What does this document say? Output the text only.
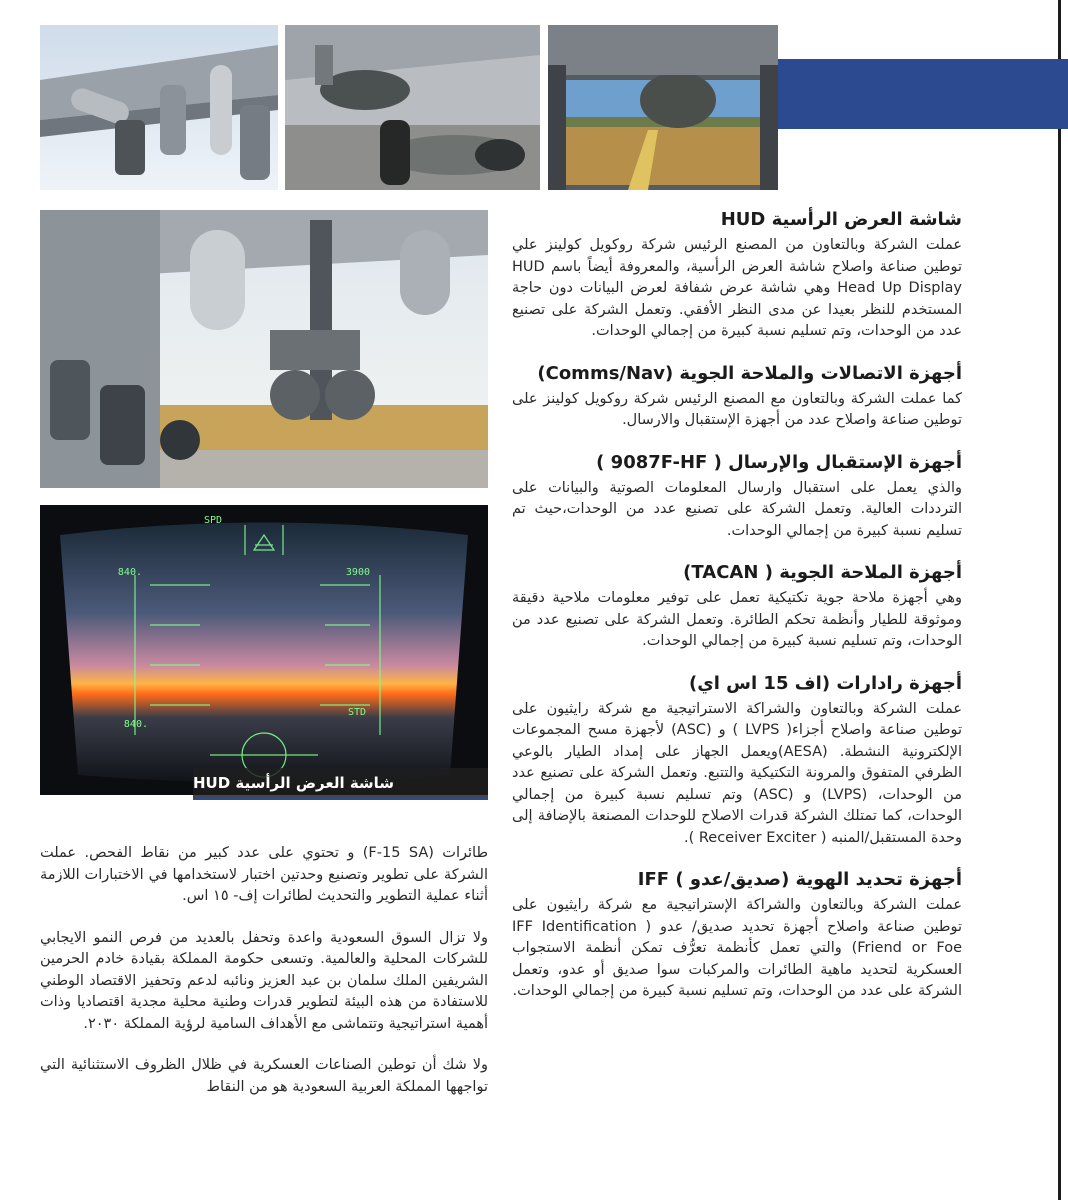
.840
.840
STD
3900
SPD
شاشة العرض الرأسية HUD
شاشة العرض الرأسية HUD

عملت الشركة وبالتعاون من المصنع الرئيس شركة روكويل كولينز علي توطين صناعة واصلاح شاشة العرض الرأسية، والمعروفة أيضاً باسم HUD Head Up Display وهي شاشة عرض شفافة لعرض البيانات دون حاجة المستخدم للنظر بعيدا عن مدى النظر الأفقي. وتعمل الشركة على تصنيع عدد من الوحدات، وتم تسليم نسبة كبيرة من إجمالي الوحدات.

أجهزة الاتصالات والملاحة الجوية (Comms/Nav)

كما عملت الشركة وبالتعاون مع المصنع الرئيس شركة روكويل كولينز على توطين صناعة واصلاح عدد من أجهزة الإستقبال والارسال.

أجهزة الإستقبال والإرسال ( 9087F-HF )

والذي يعمل على استقبال وارسال المعلومات الصوتية والبيانات على الترددات العالية. وتعمل الشركة على تصنيع عدد من الوحدات،حيث تم تسليم نسبة كبيرة من إجمالي الوحدات.

أجهزة الملاحة الجوية ( TACAN)

وهي أجهزة ملاحة جوية تكتيكية تعمل على توفير معلومات ملاحية دقيقة وموثوقة للطيار وأنظمة تحكم الطائرة. وتعمل الشركة على تصنيع عدد من الوحدات، وتم تسليم نسبة كبيرة من إجمالي الوحدات.

أجهزة رادارات (اف 15 اس اي)

عملت الشركة وبالتعاون والشراكة الاستراتيجية مع شركة رايثيون على توطين صناعة واصلاح أجزاء( LVPS ) و (ASC) لأجهزة مسح المجموعات الإلكترونية النشطة. (AESA)ويعمل الجهاز على إمداد الطيار بالوعي الظرفي المتفوق والمرونة التكتيكية والتتبع. وتعمل الشركة على تصنيع عدد من الوحدات، (LVPS) و (ASC) وتم تسليم نسبة كبيرة من إجمالي الوحدات، كما تمتلك الشركة قدرات الاصلاح للوحدات المصنعة بالإضافة إلى وحدة المستقبل/المنبه ( Receiver Exciter ).

أجهزة تحديد الهوية (صديق/عدو ) IFF

عملت الشركة وبالتعاون والشراكة الإستراتيجية مع شركة رايثيون على توطين صناعة واصلاح أجهزة تحديد صديق/ عدو ( IFF Identification Friend or Foe) والتي تعمل كأنظمة تعرُّف تمكن أنظمة الاستجواب العسكرية لتحديد ماهية الطائرات والمركبات سوا صديق أو عدو، وتعمل الشركة على عدد من الوحدات، وتم تسليم نسبة كبيرة من إجمالي الوحدات.

طائرات (F-15 SA) و تحتوي على عدد كبير من نقاط الفحص. عملت الشركة على تطوير وتصنيع وحدتين اختبار لاستخدامها في الاختبارات اللازمة أثناء عملية التطوير والتحديث لطائرات إف- ١٥ اس.

ولا تزال السوق السعودية واعدة وتحفل بالعديد من فرص النمو الايجابي للشركات المحلية والعالمية. وتسعى حكومة المملكة بقيادة خادم الحرمين الشريفين الملك سلمان بن عبد العزيز ونائبه لدعم وتحفيز الاقتصاد الوطني للاستفادة من هذه البيئة لتطوير قدرات وطنية محلية مجدية اقتصاديا وذات أهمية استراتيجية وتتماشى مع الأهداف السامية لرؤية المملكة ٢٠٣٠.

ولا شك أن توطين الصناعات العسكرية في ظلال الظروف الاستثنائية التي تواجهها المملكة العربية السعودية هو من النقاط
